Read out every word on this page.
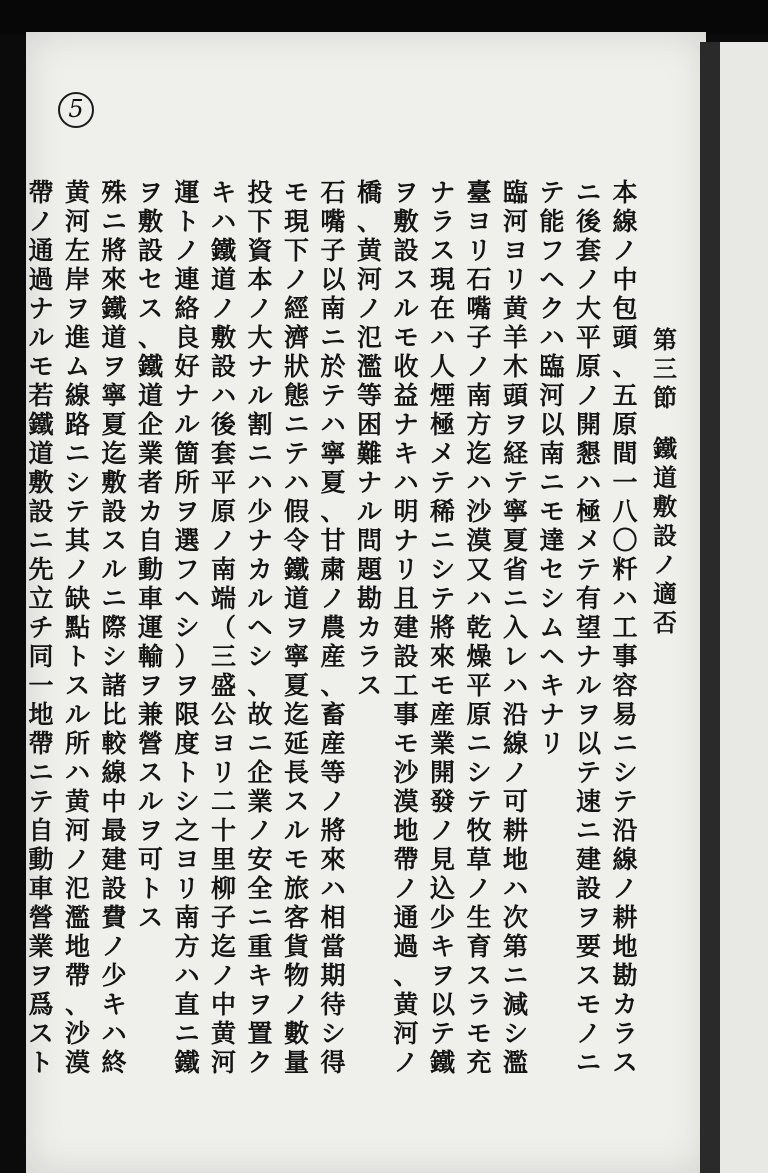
5
第
三
節

鐵
道
敷
設
ノ
適
否
本
線
ノ
中
包
頭
、
五
原
間
一
八
〇
粁
ハ
工
事
容
易
ニ
シ
テ
沿
線
ノ
耕
地
勘
カ
ラ
ス
ニ
後
套
ノ
大
平
原
ノ
開
懇
ハ
極
メ
テ
有
望
ナ
ル
ヲ
以
テ
速
ニ
建
設
ヲ
要
ス
モ
ノ
ニ
テ
能
フ
ヘ
ク
ハ
臨
河
以
南
ニ
モ
達
セ
シ
ム
ヘ
キ
ナ
リ
臨
河
ヨ
リ
黄
羊
木
頭
ヲ
経
テ
寧
夏
省
ニ
入
レ
ハ
沿
線
ノ
可
耕
地
ハ
次
第
ニ
減
シ
濫
臺
ヨ
リ
石
嘴
子
ノ
南
方
迄
ハ
沙
漠
又
ハ
乾
燥
平
原
ニ
シ
テ
牧
草
ノ
生
育
ス
ラ
モ
充
ナ
ラ
ス
現
在
ハ
人
煙
極
メ
テ
稀
ニ
シ
テ
將
來
モ
産
業
開
發
ノ
見
込
少
キ
ヲ
以
テ
鐵
ヲ
敷
設
ス
ル
モ
收
益
ナ
キ
ハ
明
ナ
リ
且
建
設
工
事
モ
沙
漠
地
帶
ノ
通
過
、
黄
河
ノ
橋
、
黄
河
ノ
氾
濫
等
困
難
ナ
ル
問
題
勘
カ
ラ
ス
石
嘴
子
以
南
ニ
於
テ
ハ
寧
夏
、
甘
粛
ノ
農
産
、
畜
産
等
ノ
將
來
ハ
相
當
期
待
シ
得
モ
現
下
ノ
經
濟
狀
態
ニ
テ
ハ
假
令
鐵
道
ヲ
寧
夏
迄
延
長
ス
ル
モ
旅
客
貨
物
ノ
數
量
投
下
資
本
ノ
大
ナ
ル
割
ニ
ハ
少
ナ
カ
ル
ヘ
シ
、
故
ニ
企
業
ノ
安
全
ニ
重
キ
ヲ
置
ク
キ
ハ
鐵
道
ノ
敷
設
ハ
後
套
平
原
ノ
南
端
（
三
盛
公
ヨ
リ
二
十
里
柳
子
迄
ノ
中
黄
河
運
ト
ノ
連
絡
良
好
ナ
ル
箇
所
ヲ
選
フ
ヘ
シ
）
ヲ
限
度
ト
シ
之
ヨ
リ
南
方
ハ
直
ニ
鐵
ヲ
敷
設
セ
ス
、
鐵
道
企
業
者
カ
自
動
車
運
輸
ヲ
兼
營
ス
ル
ヲ
可
ト
ス
殊
ニ
將
來
鐵
道
ヲ
寧
夏
迄
敷
設
ス
ル
ニ
際
シ
諸
比
較
線
中
最
建
設
費
ノ
少
キ
ハ
終
黄
河
左
岸
ヲ
進
ム
線
路
ニ
シ
テ
其
ノ
缺
點
ト
ス
ル
所
ハ
黄
河
ノ
氾
濫
地
帶
、
沙
漠
帶
ノ
通
過
ナ
ル
モ
若
鐵
道
敷
設
ニ
先
立
チ
同
一
地
帶
ニ
テ
自
動
車
營
業
ヲ
爲
ス
ト
